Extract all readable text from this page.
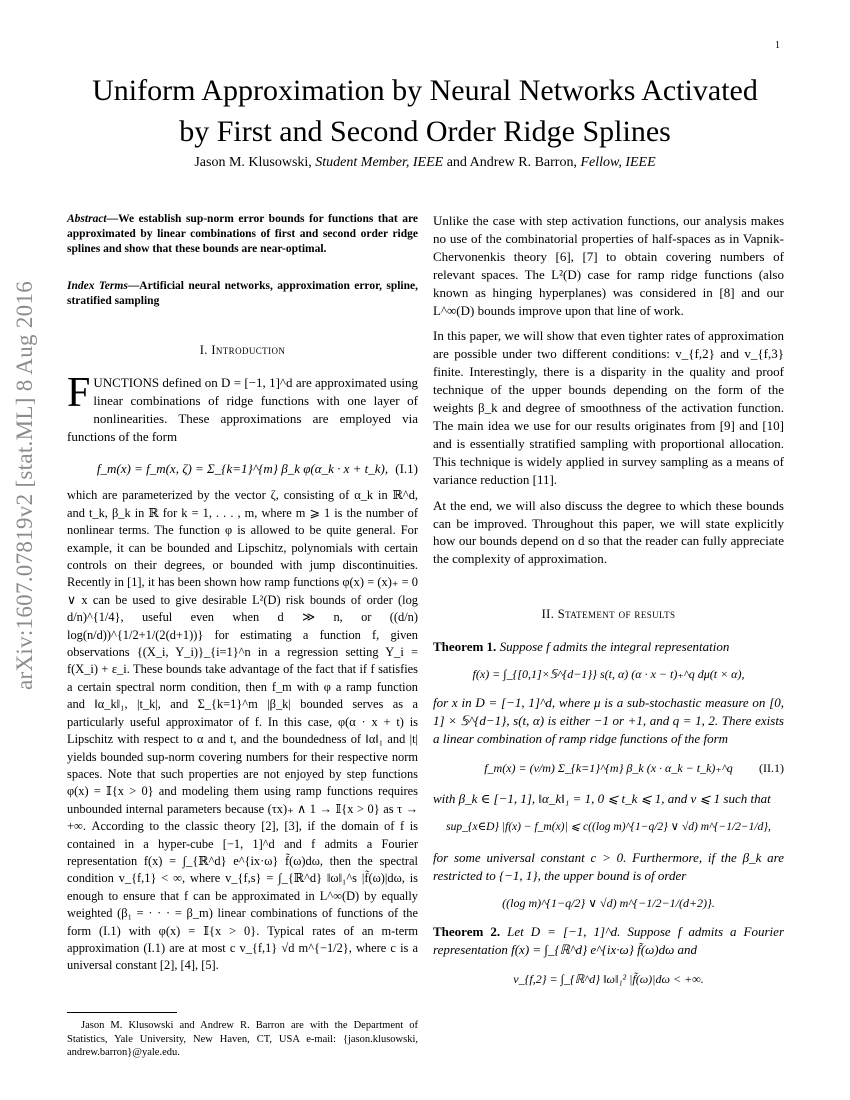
1
Uniform Approximation by Neural Networks Activated by First and Second Order Ridge Splines
Jason M. Klusowski, Student Member, IEEE and Andrew R. Barron, Fellow, IEEE
arXiv:1607.07819v2 [stat.ML] 8 Aug 2016

Abstract—We establish sup-norm error bounds for functions that are approximated by linear combinations of first and second order ridge splines and show that these bounds are near-optimal.

Index Terms—Artificial neural networks, approximation error, spline, stratified sampling

I. Introduction

FUNCTIONS defined on D = [−1, 1]^d are approximated using linear combinations of ridge functions with one layer of nonlinearities. These approximations are employed via functions of the form

f_m(x) = f_m(x, ζ) = Σ_{k=1}^{m} β_k φ(α_k · x + t_k), (I.1)

which are parameterized by the vector ζ, consisting of α_k in ℝ^d, and t_k, β_k in ℝ for k = 1, . . . , m, where m ⩾ 1 is the number of nonlinear terms. The function φ is allowed to be quite general. For example, it can be bounded and Lipschitz, polynomials with certain controls on their degrees, or bounded with jump discontinuities. Recently in [1], it has been shown how ramp functions φ(x) = (x)₊ = 0 ∨ x can be used to give desirable L²(D) risk bounds of order (log d/n)^{1/4}, useful even when d ≫ n, or ((d/n) log(n/d))^{1/2+1/(2(d+1))} for estimating a function f, given observations {(X_i, Y_i)}_{i=1}^n in a regression setting Y_i = f(X_i) + ε_i. These bounds take advantage of the fact that if f satisfies a certain spectral norm condition, then f_m with φ a ramp function and ‖α_k‖₁, |t_k|, and Σ_{k=1}^m |β_k| bounded serves as a particularly useful approximator of f. In this case, φ(α · x + t) is Lipschitz with respect to α and t, and the boundedness of ‖α‖₁ and |t| yields bounded sup-norm covering numbers for their respective norm spaces. Note that such properties are not enjoyed by step functions φ(x) = 𝕀{x > 0} and modeling them using ramp functions requires unbounded internal parameters because (τx)₊ ∧ 1 → 𝕀{x > 0} as τ → +∞. According to the classic theory [2], [3], if the domain of f is contained in a hyper-cube [−1, 1]^d and f admits a Fourier representation f(x) = ∫_{ℝ^d} e^{ix·ω} f̃(ω)dω, then the spectral condition v_{f,1} < ∞, where v_{f,s} = ∫_{ℝ^d} ‖ω‖₁^s |f̃(ω)|dω, is enough to ensure that f can be approximated in L^∞(D) by equally weighted (β₁ = · · · = β_m) linear combinations of functions of the form (I.1) with φ(x) = 𝕀{x > 0}. Typical rates of an m-term approximation (I.1) are at most c v_{f,1} √d m^{−1/2}, where c is a universal constant [2], [4], [5].

Jason M. Klusowski and Andrew R. Barron are with the Department of Statistics, Yale University, New Haven, CT, USA e-mail: {jason.klusowski, andrew.barron}@yale.edu.

Unlike the case with step activation functions, our analysis makes no use of the combinatorial properties of half-spaces as in Vapnik-Chervonenkis theory [6], [7] to obtain covering numbers of relevant spaces. The L²(D) case for ramp ridge functions (also known as hinging hyperplanes) was considered in [8] and our L^∞(D) bounds improve upon that line of work.

In this paper, we will show that even tighter rates of approximation are possible under two different conditions: v_{f,2} and v_{f,3} finite. Interestingly, there is a disparity in the quality and proof technique of the upper bounds depending on the form of the weights β_k and degree of smoothness of the activation function. The main idea we use for our results originates from [9] and [10] and is essentially stratified sampling with proportional allocation. This technique is widely applied in survey sampling as a means of variance reduction [11].

At the end, we will also discuss the degree to which these bounds can be improved. Throughout this paper, we will state explicitly how our bounds depend on d so that the reader can fully appreciate the complexity of approximation.

II. Statement of results

Theorem 1. Suppose f admits the integral representation

f(x) = ∫_{[0,1]×𝕊^{d−1}} s(t, α) (α · x − t)₊^q dμ(t × α),

for x in D = [−1, 1]^d, where μ is a sub-stochastic measure on [0, 1] × 𝕊^{d−1}, s(t, α) is either −1 or +1, and q = 1, 2. There exists a linear combination of ramp ridge functions of the form

f_m(x) = (v/m) Σ_{k=1}^{m} β_k (x · α_k − t_k)₊^q (II.1)

with β_k ∈ [−1, 1], ‖α_k‖₁ = 1, 0 ⩽ t_k ⩽ 1, and v ⩽ 1 such that

sup_{x∈D} |f(x) − f_m(x)| ⩽ c((log m)^{1−q/2} ∨ √d) m^{−1/2−1/d},

for some universal constant c > 0. Furthermore, if the β_k are restricted to {−1, 1}, the upper bound is of order

((log m)^{1−q/2} ∨ √d) m^{−1/2−1/(d+2)}.

Theorem 2. Let D = [−1, 1]^d. Suppose f admits a Fourier representation f(x) = ∫_{ℝ^d} e^{ix·ω} f̃(ω)dω and

v_{f,2} = ∫_{ℝ^d} ‖ω‖₁² |f̃(ω)|dω < +∞.
